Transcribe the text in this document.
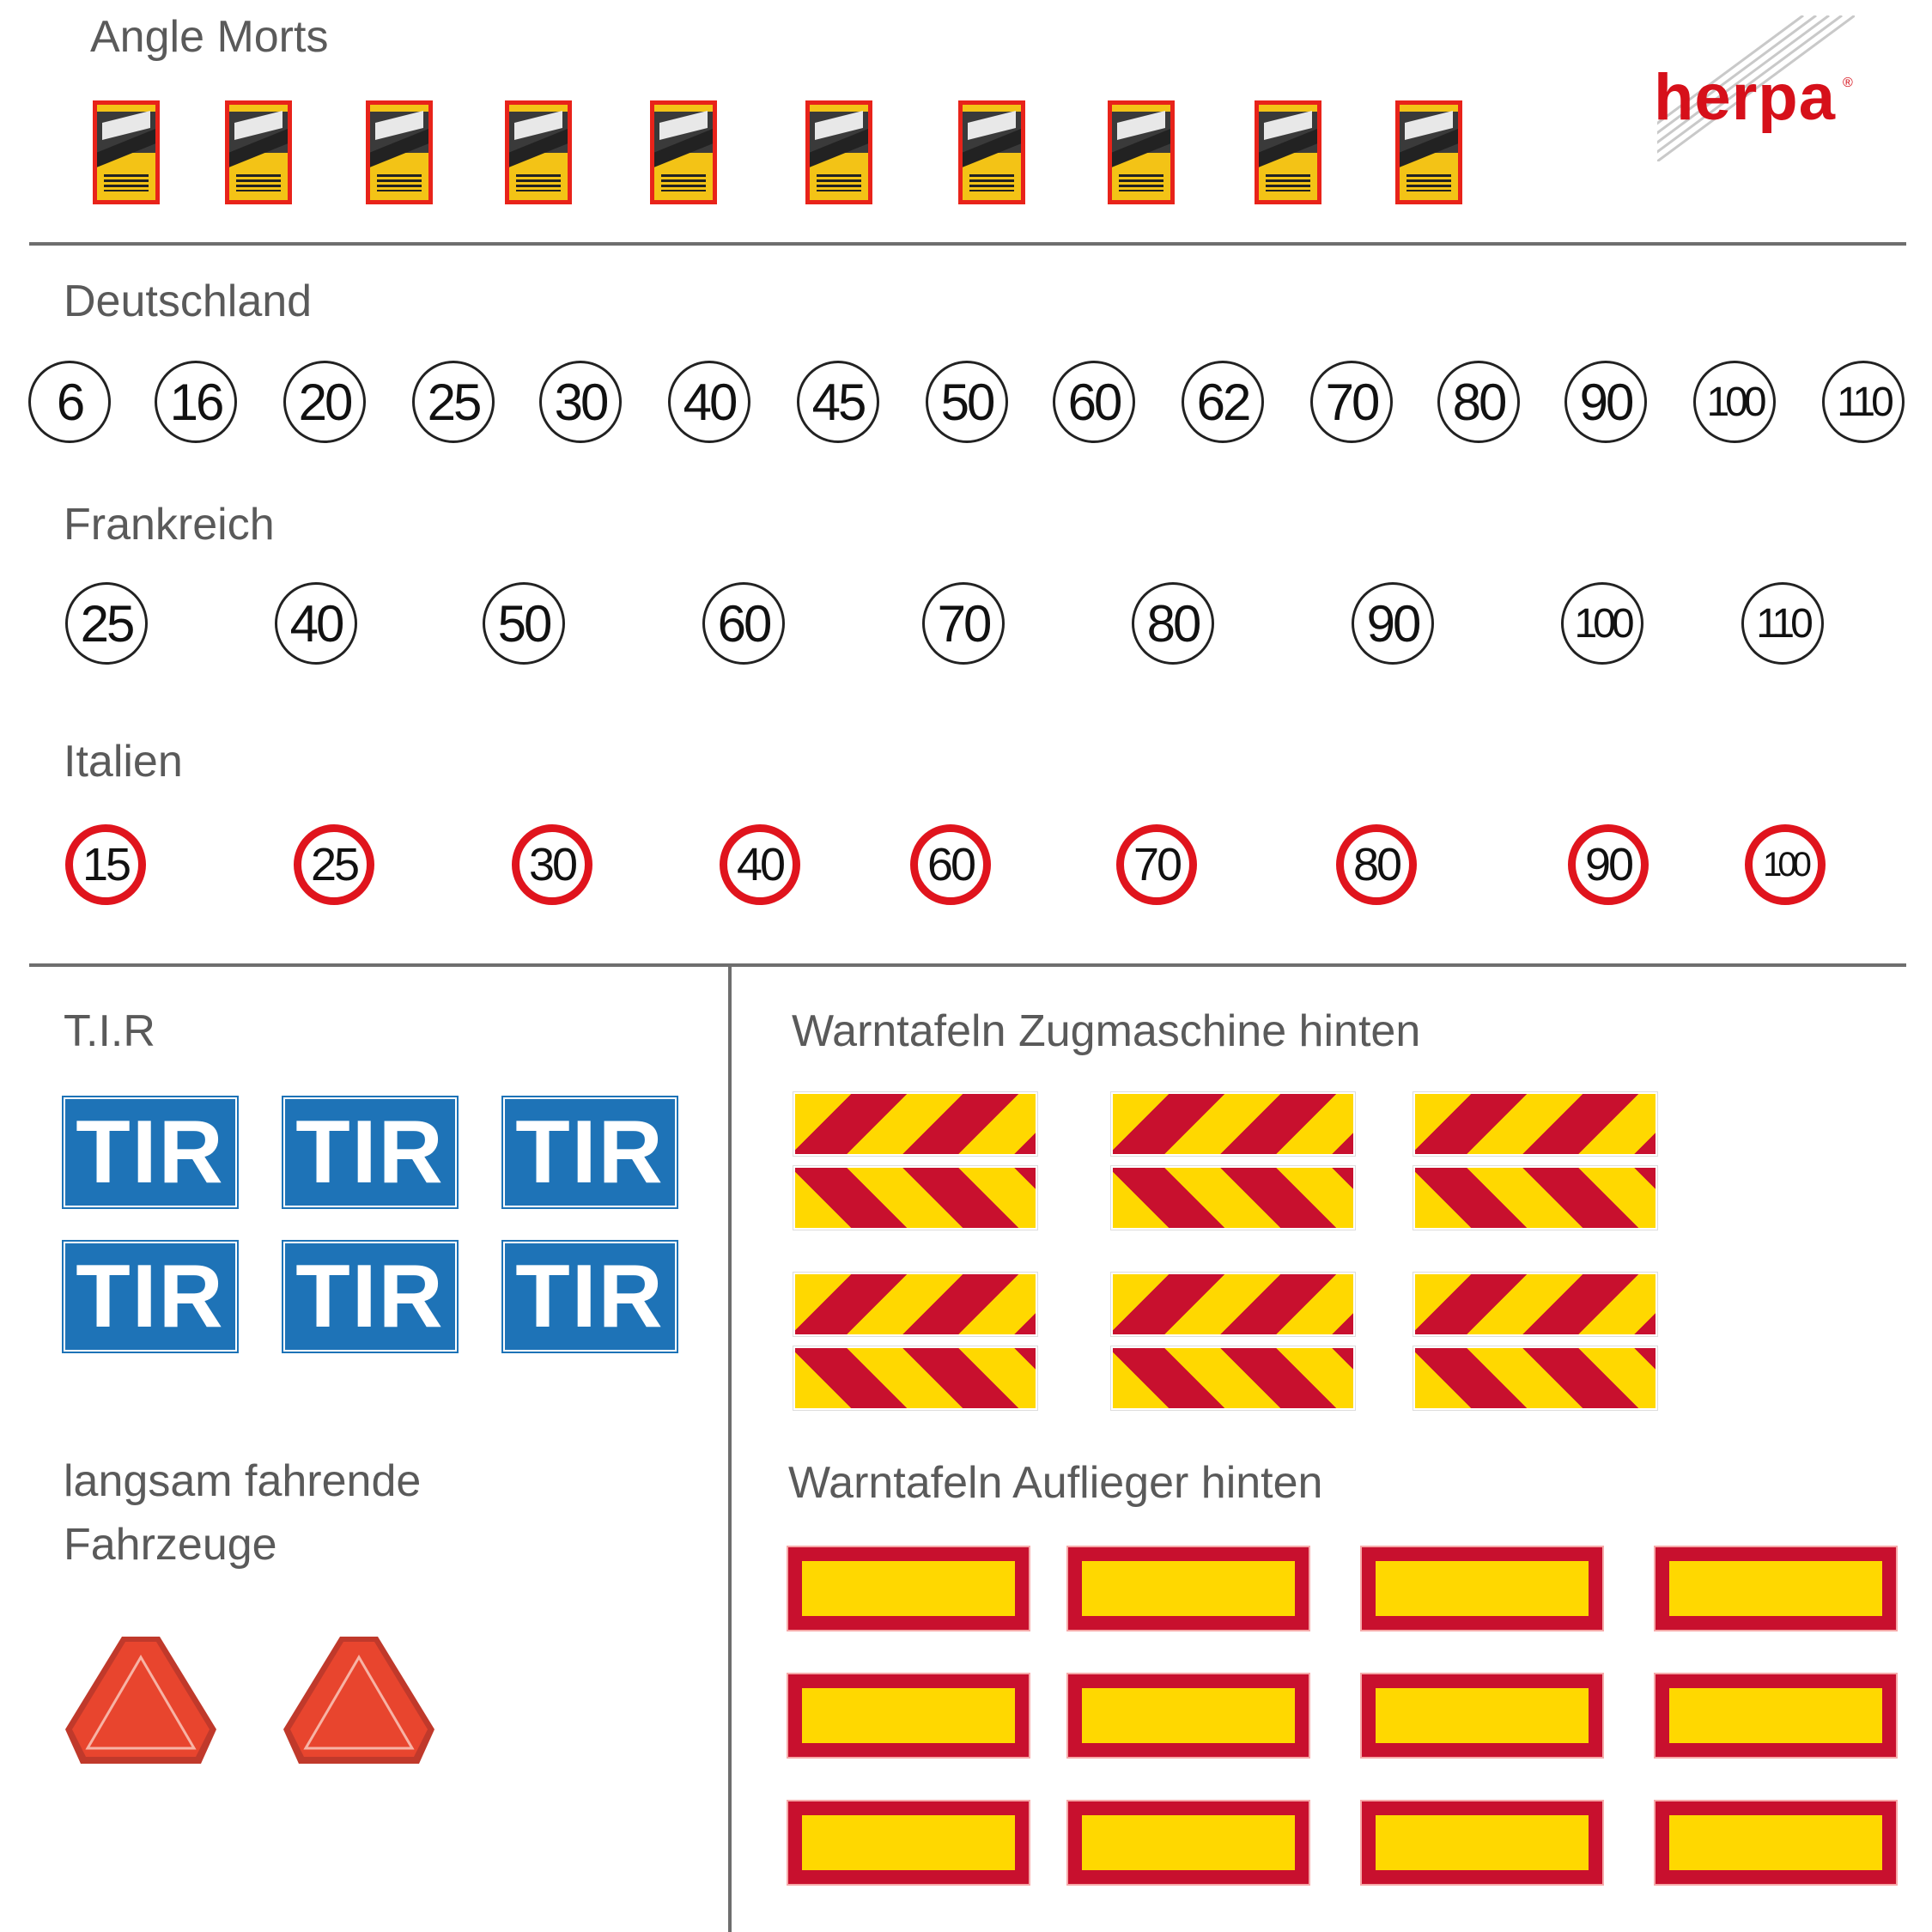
herpa ®
Angle Morts
Deutschland
6	16 20 25 30 40 45 50 60 62 70 80 90	100	110
Frankreich
25	40	50	60	70	80	90	100	110
Italien
15	25	30	40	60	70	80	90	100
T.I.R
TIR TIR TIR
TIR TIR TIR
langsam fahrende
Fahrzeuge
Warntafeln Zugmaschine hinten
Warntafeln Auflieger hinten
